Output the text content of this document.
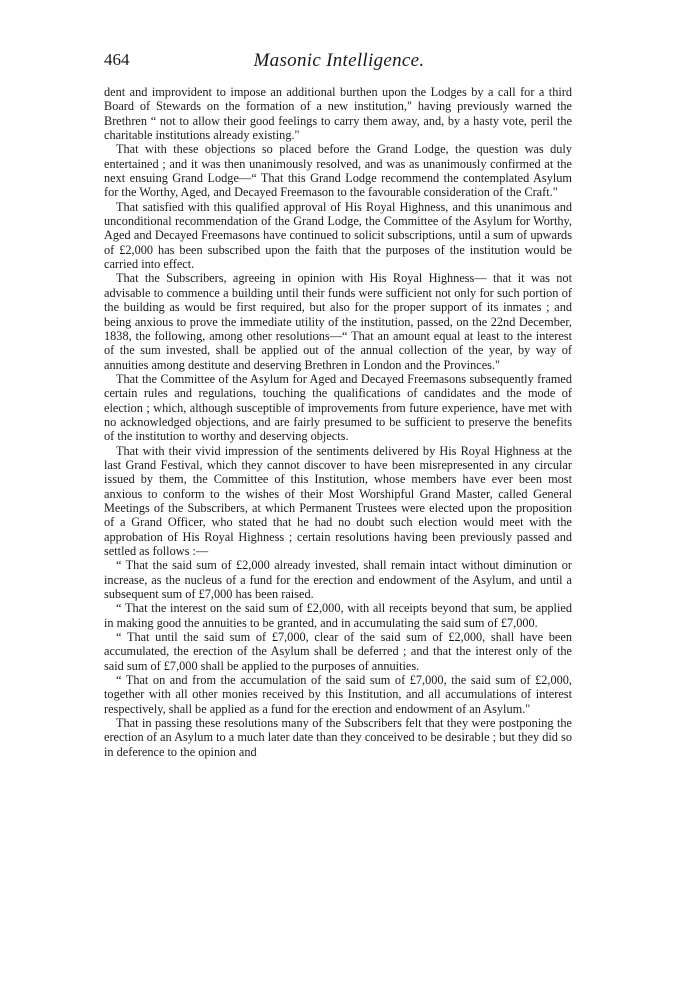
464	Masonic Intelligence.

dent and improvident to impose an additional burthen upon the Lodges by a call for a third Board of Stewards on the formation of a new institution," having previously warned the Brethren “ not to allow their good feelings to carry them away, and, by a hasty vote, peril the charitable institutions already existing."

That with these objections so placed before the Grand Lodge, the question was duly entertained ; and it was then unanimously resolved, and was as unanimously confirmed at the next ensuing Grand Lodge—“ That this Grand Lodge recommend the contemplated Asylum for the Worthy, Aged, and Decayed Freemason to the favourable consideration of the Craft."

That satisfied with this qualified approval of His Royal Highness, and this unanimous and unconditional recommendation of the Grand Lodge, the Committee of the Asylum for Worthy, Aged and Decayed Freemasons have continued to solicit subscriptions, until a sum of upwards of £2,000 has been subscribed upon the faith that the purposes of the institution would be carried into effect.

That the Subscribers, agreeing in opinion with His Royal Highness— that it was not advisable to commence a building until their funds were sufficient not only for such portion of the building as would be first required, but also for the proper support of its inmates ; and being anxious to prove the immediate utility of the institution, passed, on the 22nd December, 1838, the following, among other resolutions—“ That an amount equal at least to the interest of the sum invested, shall be applied out of the annual collection of the year, by way of annuities among destitute and deserving Brethren in London and the Provinces."

That the Committee of the Asylum for Aged and Decayed Freemasons subsequently framed certain rules and regulations, touching the qualifications of candidates and the mode of election ; which, although susceptible of improvements from future experience, have met with no acknowledged objections, and are fairly presumed to be sufficient to preserve the benefits of the institution to worthy and deserving objects.

That with their vivid impression of the sentiments delivered by His Royal Highness at the last Grand Festival, which they cannot discover to have been misrepresented in any circular issued by them, the Committee of this Institution, whose members have ever been most anxious to conform to the wishes of their Most Worshipful Grand Master, called General Meetings of the Subscribers, at which Permanent Trustees were elected upon the proposition of a Grand Officer, who stated that he had no doubt such election would meet with the approbation of His Royal Highness ; certain resolutions having been previously passed and settled as follows :—

“ That the said sum of £2,000 already invested, shall remain intact without diminution or increase, as the nucleus of a fund for the erection and endowment of the Asylum, and until a subsequent sum of £7,000 has been raised.

“ That the interest on the said sum of £2,000, with all receipts beyond that sum, be applied in making good the annuities to be granted, and in accumulating the said sum of £7,000.

“ That until the said sum of £7,000, clear of the said sum of £2,000, shall have been accumulated, the erection of the Asylum shall be deferred ; and that the interest only of the said sum of £7,000 shall be applied to the purposes of annuities.

“ That on and from the accumulation of the said sum of £7,000, the said sum of £2,000, together with all other monies received by this Institution, and all accumulations of interest respectively, shall be applied as a fund for the erection and endowment of an Asylum."

That in passing these resolutions many of the Subscribers felt that they were postponing the erection of an Asylum to a much later date than they conceived to be desirable ; but they did so in deference to the opinion and
